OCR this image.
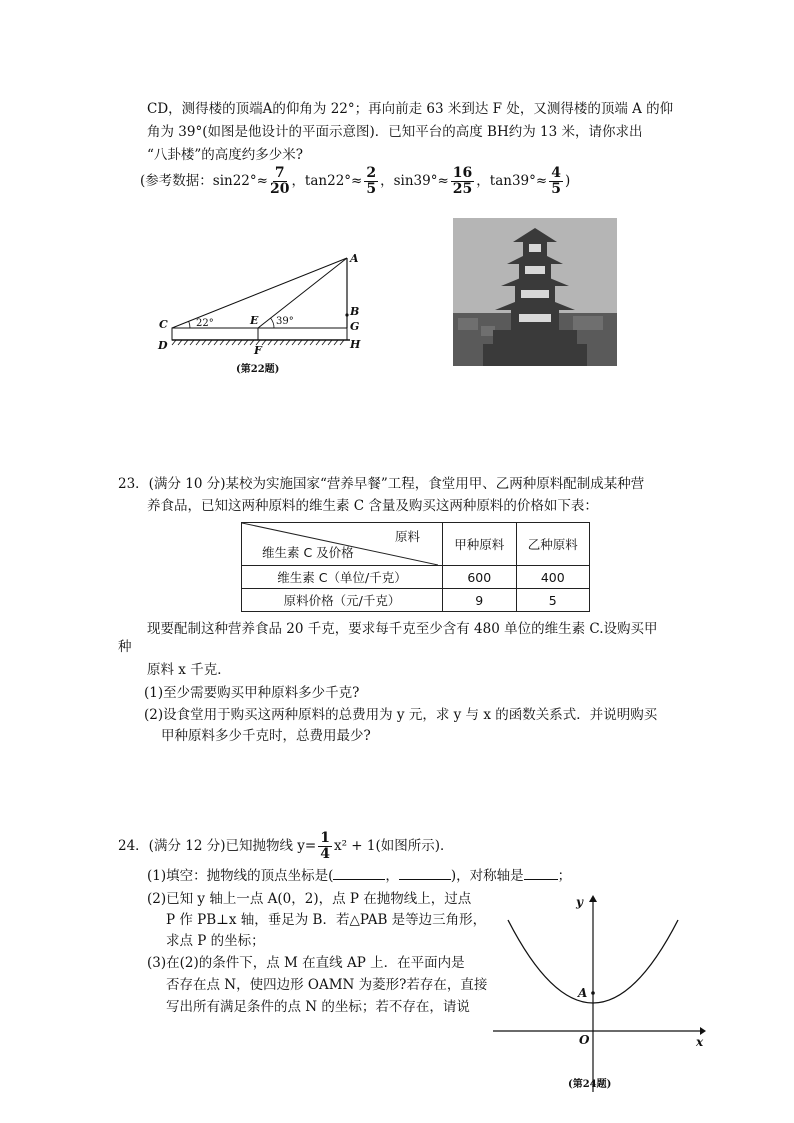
CD，测得楼的顶端A的仰角为 22°；再向前走 63 米到达 F 处，又测得楼的顶端 A 的仰
角为 39°(如图是他设计的平面示意图)．已知平台的高度 BH约为 13 米，请你求出
“八卦楼”的高度约多少米?
(参考数据：$\sin 22^\circ\approx \frac{7}{20}$ ，$\tan 22^\circ\approx \frac{2}{5}$ ，$\sin 39^\circ\approx \frac{16}{25}$ ，$\tan 39^\circ\approx \frac{4}{5}$ )
A
B
G
H
C
D
E
F
22°	39°
(第22题)
23．(满分 10 分)某校为实施国家“营养早餐”工程，食堂用甲、乙两种原料配制成某种营
养食品，已知这两种原料的维生素 C 含量及购买这两种原料的价格如下表：
原料
维生素 C 及价格	甲种原料	乙种原料
维生素 C（单位/千克）	600	400
原料价格（元/千克）	9	5
现要配制这种营养食品 20 千克，要求每千克至少含有 480 单位的维生素 C.设购买甲
种
原料 x 千克．
(1)至少需要购买甲种原料多少千克?
(2)设食堂用于购买这两种原料的总费用为 y 元，求 y 与 x 的函数关系式．并说明购买
甲种原料多少千克时，总费用最少?
24．(满分 12 分)已知抛物线 $y= \frac{1}{4} x^2 + 1$(如图所示)．
(1)填空：抛物线的顶点坐标是(	，	)，对称轴是	；
(2)已知 y 轴上一点 A(0，2)，点 P 在抛物线上，过点
P 作 PB⊥x 轴，垂足为 B．若△PAB 是等边三角形，
求点 P 的坐标；
(3)在(2)的条件下，点 M 在直线 AP 上．在平面内是
否存在点 N，使四边形 OAMN 为菱形?若存在，直接
写出所有满足条件的点 N 的坐标；若不存在，请说
y
x
A
O
(第24题)
